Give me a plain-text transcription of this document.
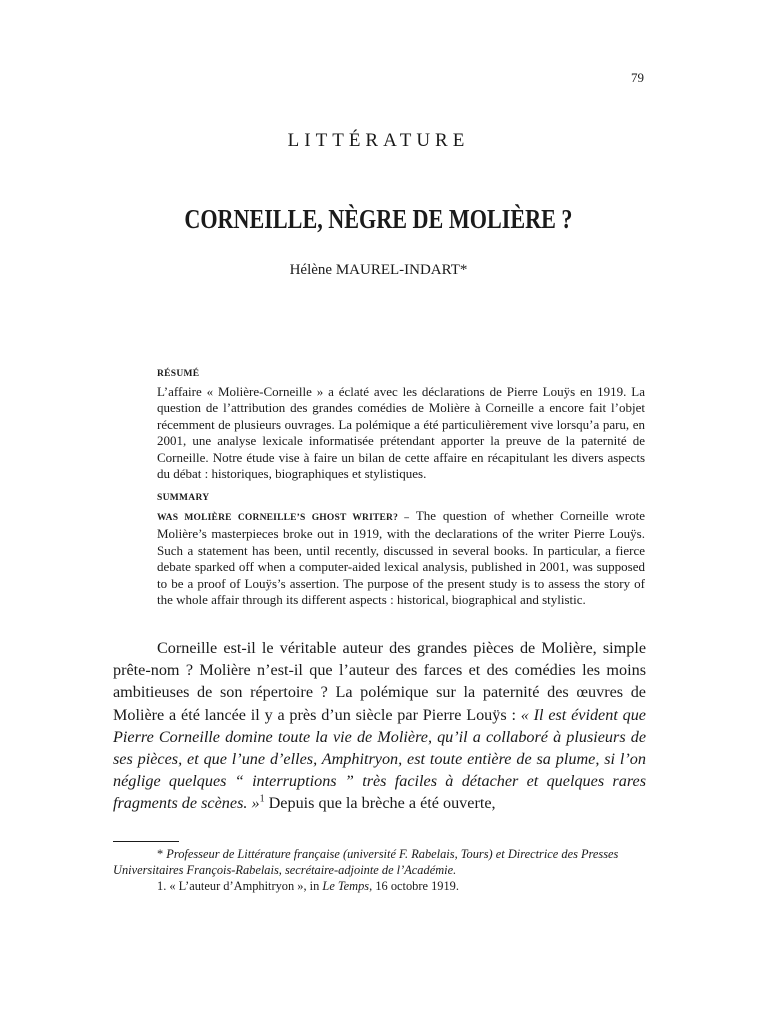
79
LITTÉRATURE
CORNEILLE, NÈGRE DE MOLIÈRE ?
Hélène MAUREL-INDART*
RÉSUMÉ
L’affaire « Molière-Corneille » a éclaté avec les déclarations de Pierre Louÿs en 1919. La question de l’attribution des grandes comédies de Molière à Corneille a encore fait l’objet récemment de plusieurs ouvrages. La polémique a été particulièrement vive lorsqu’a paru, en 2001, une analyse lexicale informatisée prétendant apporter la preuve de la paternité de Corneille. Notre étude vise à faire un bilan de cette affaire en récapitulant les divers aspects du débat : historiques, biographiques et stylistiques.
SUMMARY
WAS MOLIÈRE CORNEILLE’S GHOST WRITER? – The question of whether Corneille wrote Molière’s masterpieces broke out in 1919, with the declarations of the writer Pierre Louÿs. Such a statement has been, until recently, discussed in several books. In particular, a fierce debate sparked off when a computer-aided lexical analysis, published in 2001, was supposed to be a proof of Louÿs’s assertion. The purpose of the present study is to assess the story of the whole affair through its different aspects : historical, biographical and stylistic.

Corneille est-il le véritable auteur des grandes pièces de Molière, simple prête-nom ? Molière n’est-il que l’auteur des farces et des comédies les moins ambitieuses de son répertoire ? La polémique sur la paternité des œuvres de Molière a été lancée il y a près d’un siècle par Pierre Louÿs : « Il est évident que Pierre Corneille domine toute la vie de Molière, qu’il a collaboré à plusieurs de ses pièces, et que l’une d’elles, Amphitryon, est toute entière de sa plume, si l’on néglige quelques “ interruptions ” très faciles à détacher et quelques rares fragments de scènes. »$^1$ Depuis que la brèche a été ouverte,

* Professeur de Littérature française (université F. Rabelais, Tours) et Directrice des Presses Universitaires François-Rabelais, secrétaire-adjointe de l’Académie.

1. « L’auteur d’Amphitryon », in Le Temps, 16 octobre 1919.
